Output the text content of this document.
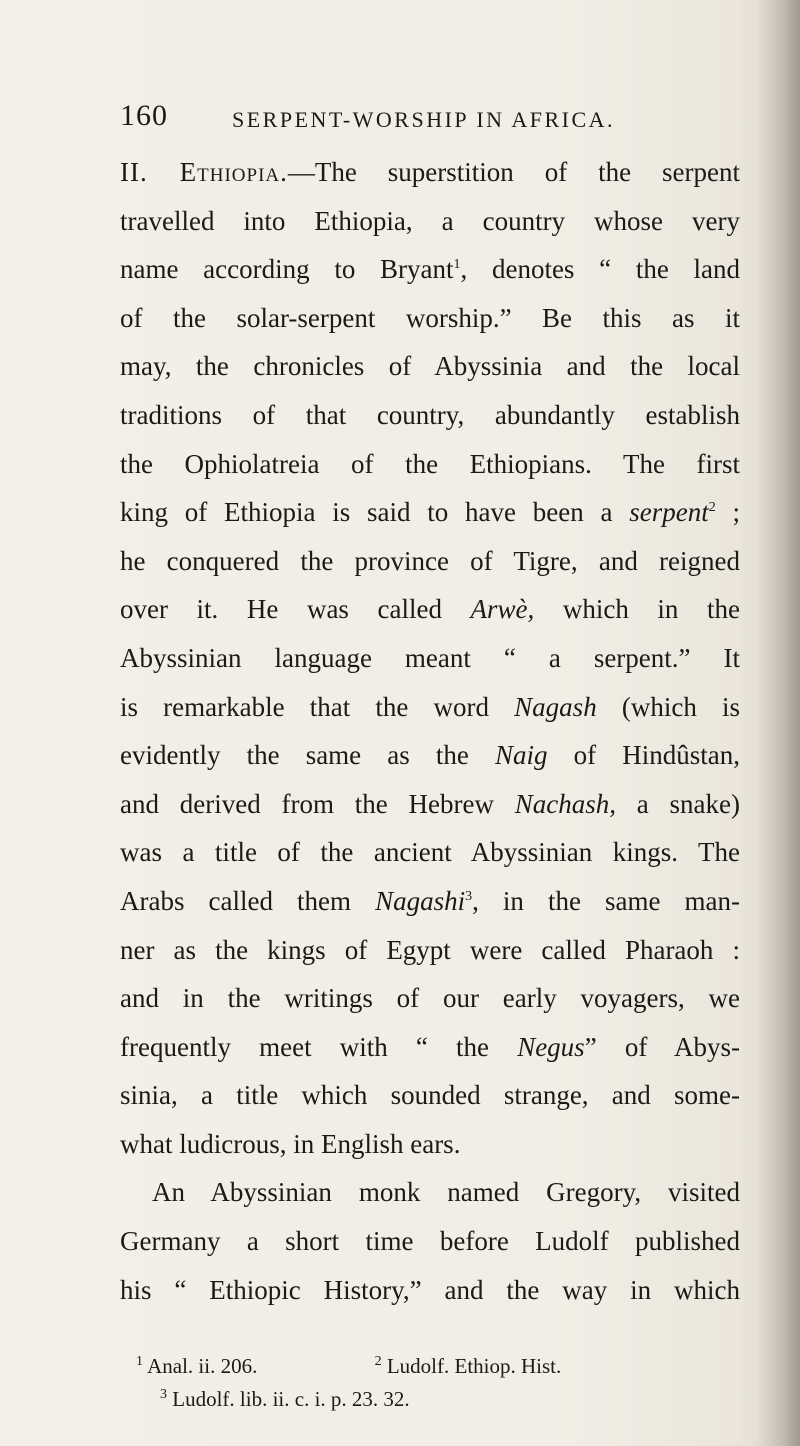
160	SERPENT-WORSHIP IN AFRICA.
II. Ethiopia.—The superstition of the serpent
travelled into Ethiopia, a country whose very
name according to Bryant$^1$, denotes “ the land
of the solar-serpent worship.” Be this as it
may, the chronicles of Abyssinia and the local
traditions of that country, abundantly establish
the Ophiolatreia of the Ethiopians. The first
king of Ethiopia is said to have been a serpent$^2$ ;
he conquered the province of Tigre, and reigned
over it. He was called Arwè, which in the
Abyssinian language meant “ a serpent.” It
is remarkable that the word Nagash (which is
evidently the same as the Naig of Hindûstan,
and derived from the Hebrew Nachash, a snake)
was a title of the ancient Abyssinian kings. The
Arabs called them Nagashi$^3$, in the same man-
ner as the kings of Egypt were called Pharaoh :
and in the writings of our early voyagers, we
frequently meet with “ the Negus” of Abys-
sinia, a title which sounded strange, and some-
what ludicrous, in English ears.
An Abyssinian monk named Gregory, visited
Germany a short time before Ludolf published
his “ Ethiopic History,” and the way in which
$^1$ Anal. ii. 206.	$^2$ Ludolf. Ethiop. Hist.
$^3$ Ludolf. lib. ii. c. i. p. 23. 32.
